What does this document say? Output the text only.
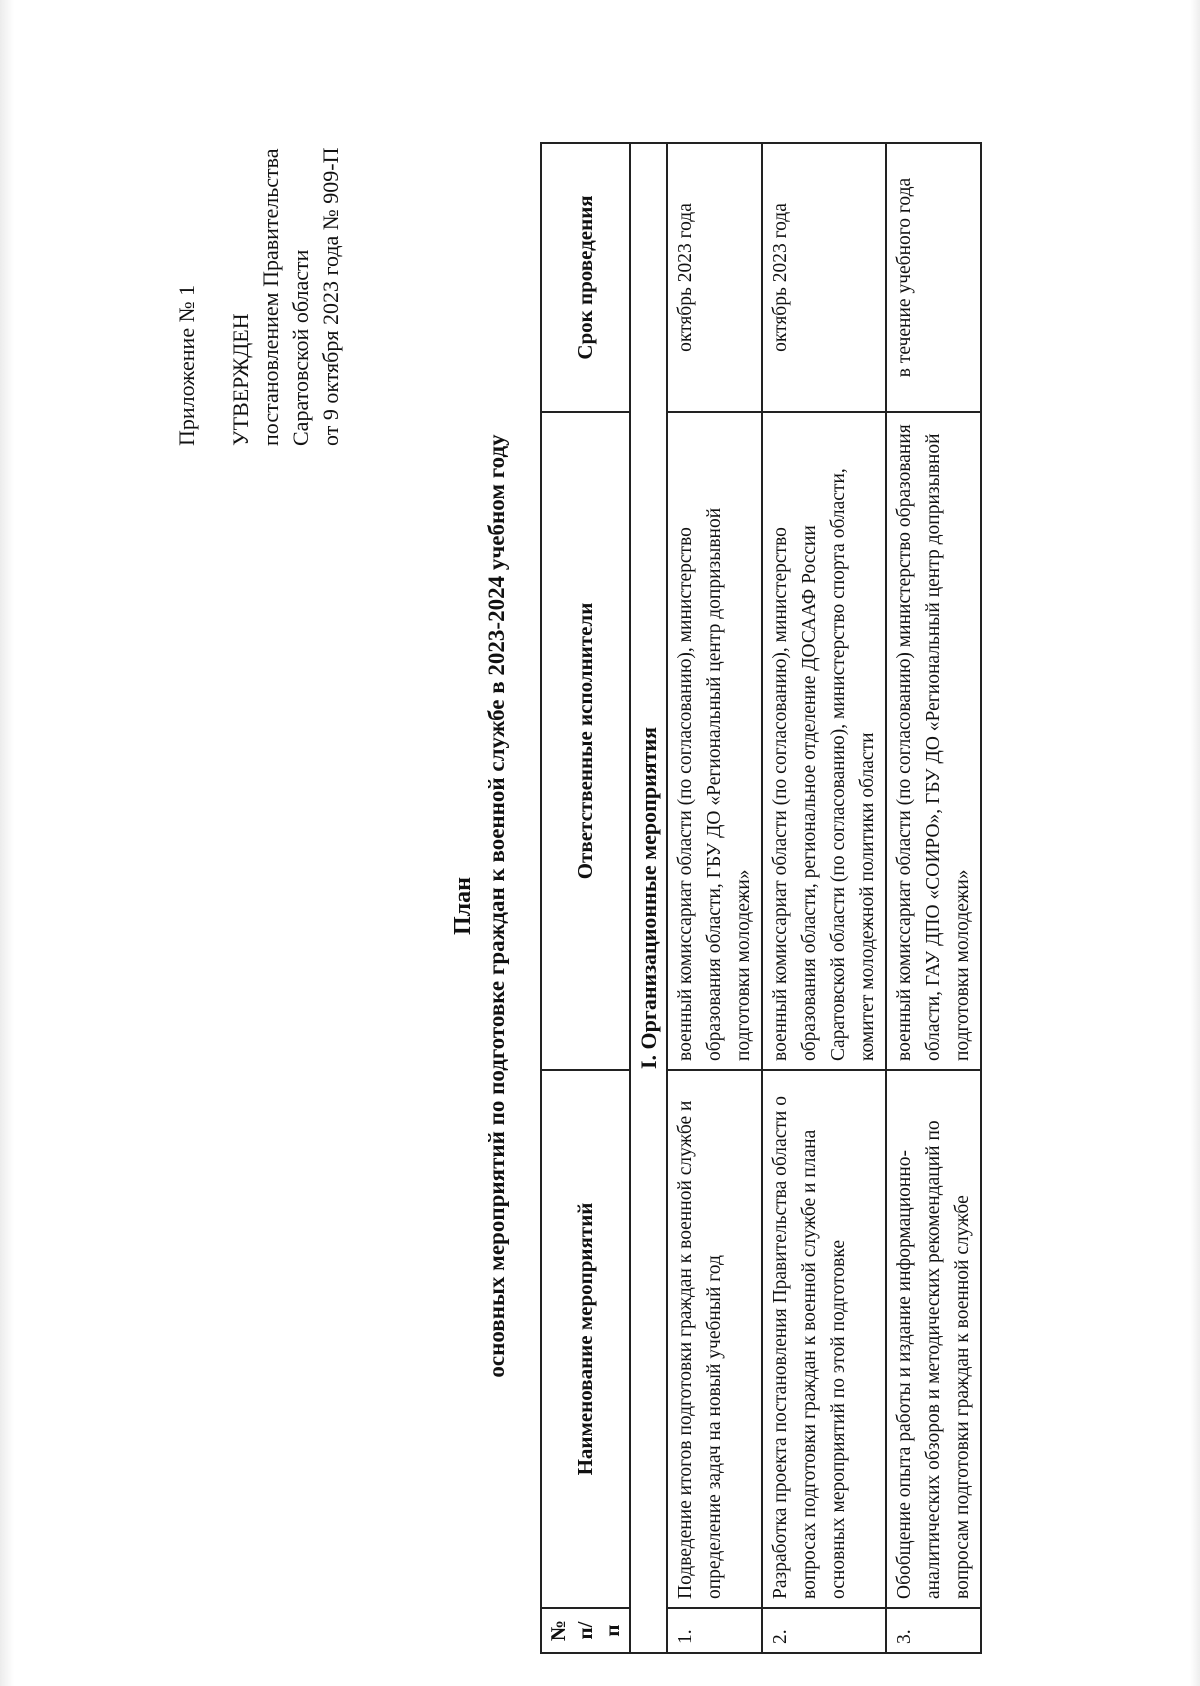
Приложение № 1 УТВЕРЖДЕН постановлением Правительства Саратовской области от 9 октября 2023 года № 909-П
План основных мероприятий по подготовке граждан к военной службе в 2023-2024 учебном году
№ п/п	Наименование мероприятий	Ответственные исполнители	Срок проведения
I. Организационные мероприятия			
1.	Подведение итогов подготовки граждан к военной службе и определение задач на новый учебный год	военный комиссариат области (по согласованию), министерство образования области, ГБУ ДО «Региональный центр допризывной подготовки молодежи»	октябрь 2023 года
2.	Разработка проекта постановления Правительства области о вопросах подготовки граждан к военной службе и плана основных мероприятий по этой подготовке	военный комиссариат области (по согласованию), министерство образования области, региональное отделение ДОСААФ России Саратовской области (по согласованию), министерство спорта области, комитет молодежной политики области	октябрь 2023 года
3.	Обобщение опыта работы и издание информационно-аналитических обзоров и методических рекомендаций по вопросам подготовки граждан к военной службе	военный комиссариат области (по согласованию) министерство образования области, ГАУ ДПО «СОИРО», ГБУ ДО «Региональный центр допризывной подготовки молодежи»	в течение учебного года
